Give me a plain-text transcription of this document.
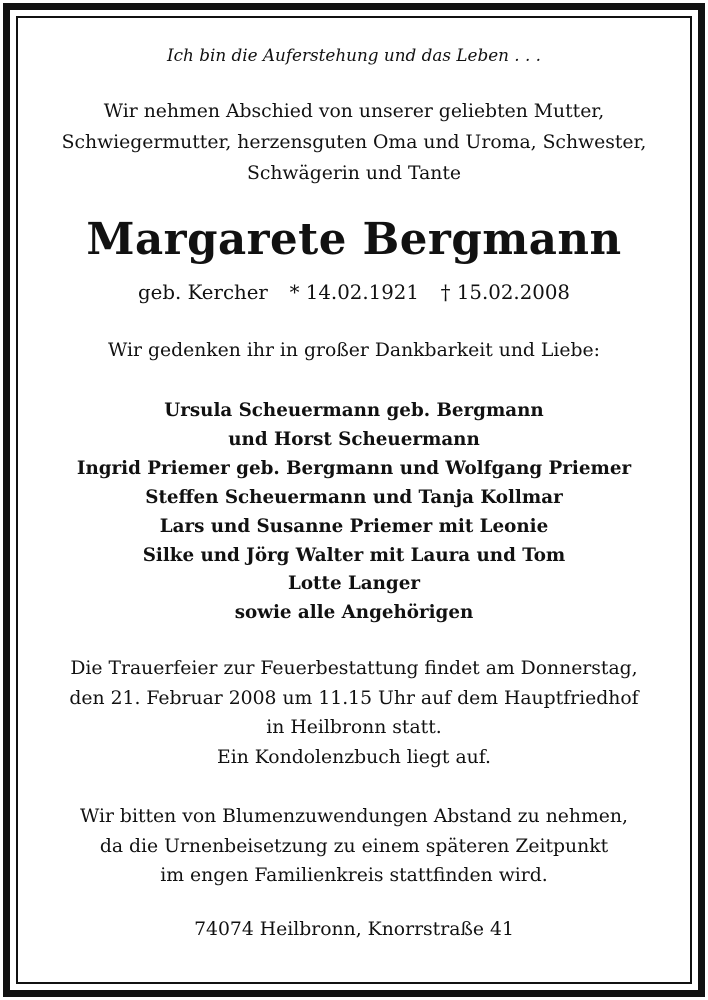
Ich bin die Auferstehung und das Leben . . .
Wir nehmen Abschied von unserer geliebten Mutter,
Schwiegermutter, herzensguten Oma und Uroma, Schwester,
Schwägerin und Tante
Margarete Bergmann
geb. Kercher * 14.02.1921 † 15.02.2008
Wir gedenken ihr in großer Dankbarkeit und Liebe:
Ursula Scheuermann geb. Bergmann
und Horst Scheuermann
Ingrid Priemer geb. Bergmann und Wolfgang Priemer
Steffen Scheuermann und Tanja Kollmar
Lars und Susanne Priemer mit Leonie
Silke und Jörg Walter mit Laura und Tom
Lotte Langer
sowie alle Angehörigen
Die Trauerfeier zur Feuerbestattung findet am Donnerstag,
den 21. Februar 2008 um 11.15 Uhr auf dem Hauptfriedhof
in Heilbronn statt.
Ein Kondolenzbuch liegt auf.
Wir bitten von Blumenzuwendungen Abstand zu nehmen,
da die Urnenbeisetzung zu einem späteren Zeitpunkt
im engen Familienkreis stattfinden wird.
74074 Heilbronn, Knorrstraße 41
